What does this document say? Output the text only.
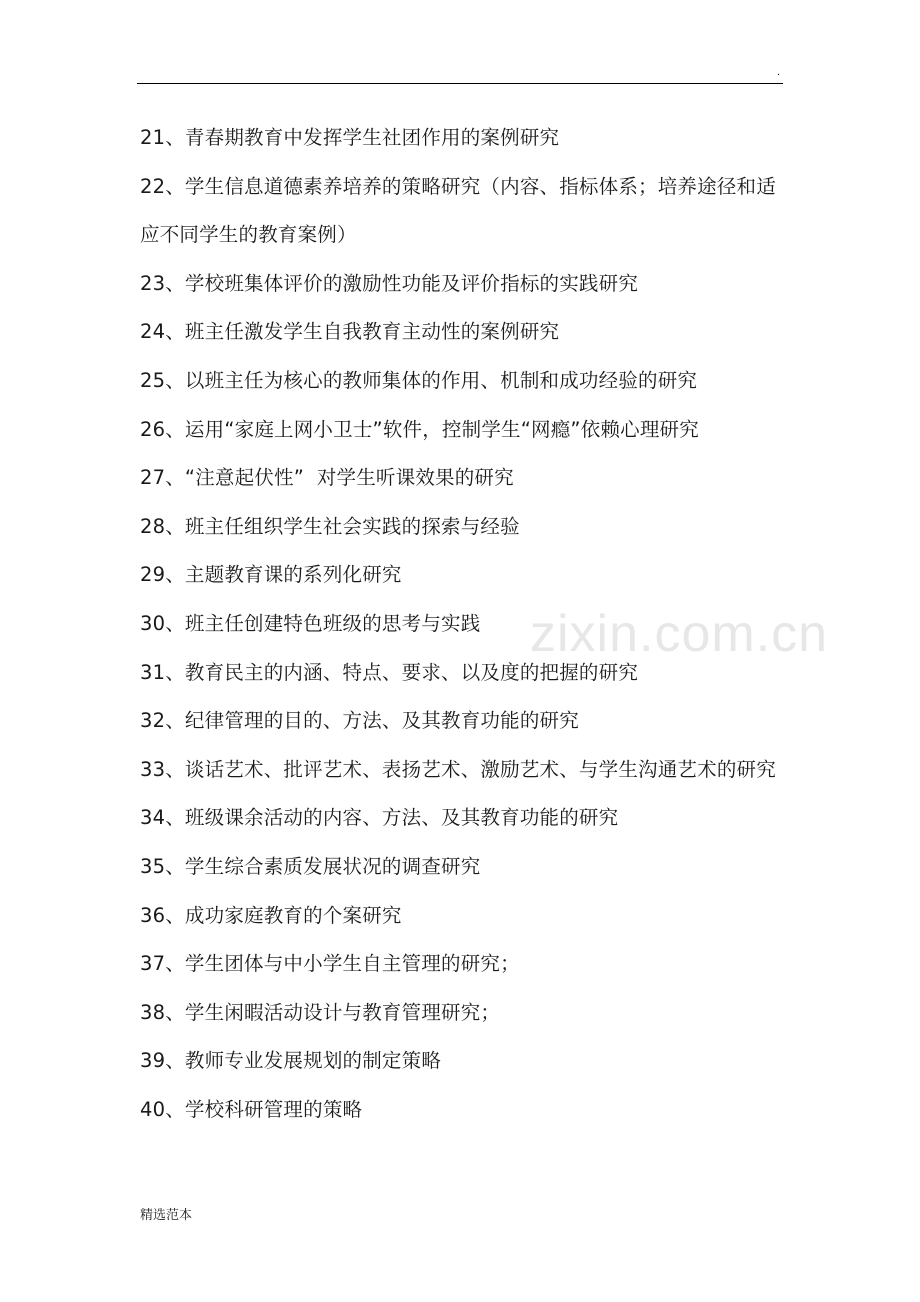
.

21、青春期教育中发挥学生社团作用的案例研究

22、学生信息道德素养培养的策略研究（内容、指标体系；培养途径和适应不同学生的教育案例）

23、学校班集体评价的激励性功能及评价指标的实践研究

24、班主任激发学生自我教育主动性的案例研究

25、以班主任为核心的教师集体的作用、机制和成功经验的研究

26、运用“家庭上网小卫士”软件，控制学生“网瘾”依赖心理研究

27、“注意起伏性”  对学生听课效果的研究

28、班主任组织学生社会实践的探索与经验

29、主题教育课的系列化研究

30、班主任创建特色班级的思考与实践

31、教育民主的内涵、特点、要求、以及度的把握的研究

32、纪律管理的目的、方法、及其教育功能的研究

33、谈话艺术、批评艺术、表扬艺术、激励艺术、与学生沟通艺术的研究

34、班级课余活动的内容、方法、及其教育功能的研究

35、学生综合素质发展状况的调查研究

36、成功家庭教育的个案研究

37、学生团体与中小学生自主管理的研究；

38、学生闲暇活动设计与教育管理研究；

39、教师专业发展规划的制定策略

40、学校科研管理的策略

zixin.com.cn
精选范本
